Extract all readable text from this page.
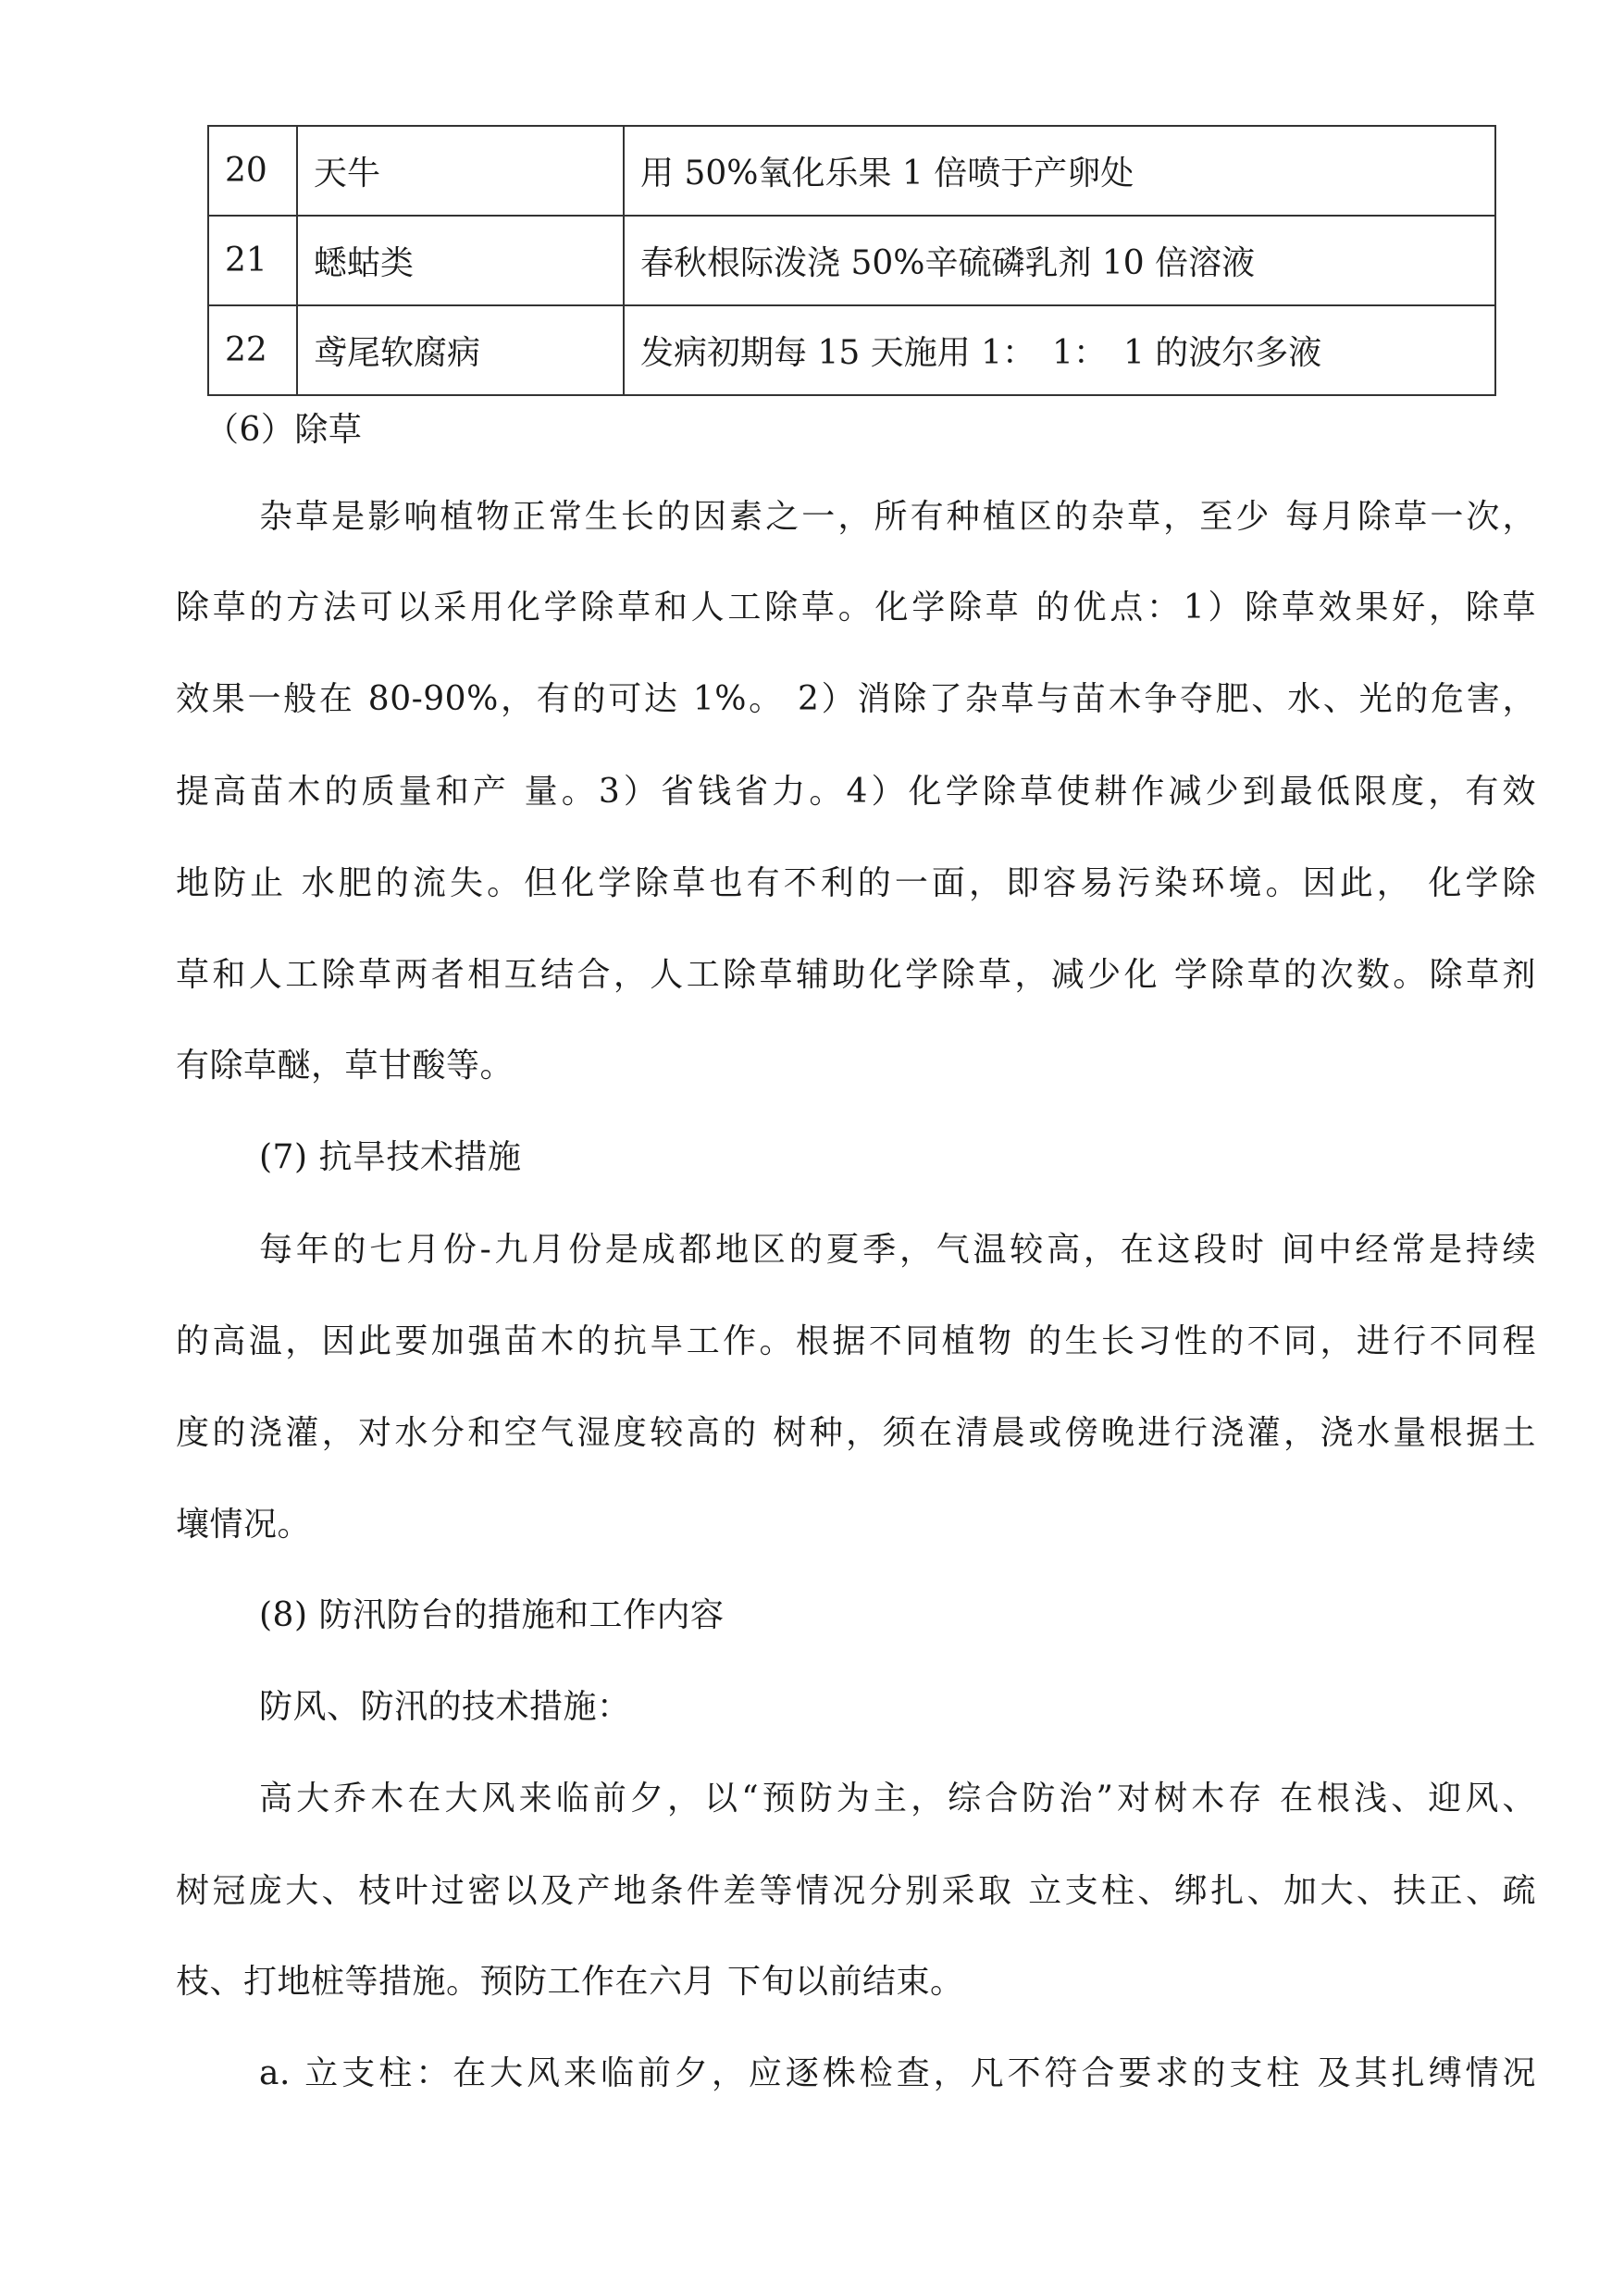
20	天牛	用 50%氧化乐果 1 倍喷于产卵处
21	蟋蛄类	春秋根际泼浇 50%辛硫磷乳剂 10 倍溶液
22	鸢尾软腐病	发病初期每 15 天施用 1：　1：　1 的波尔多液
（6）除草
杂草是影响植物正常生长的因素之一，所有种植区的杂草，至少 每月除草一次，
除草的方法可以采用化学除草和人工除草。化学除草 的优点：1）除草效果好，除草
效果一般在 80-90%，有的可达 1%。 2）消除了杂草与苗木争夺肥、水、光的危害，
提高苗木的质量和产 量。3）省钱省力。4）化学除草使耕作减少到最低限度，有效
地防止 水肥的流失。但化学除草也有不利的一面，即容易污染环境。因此， 化学除
草和人工除草两者相互结合，人工除草辅助化学除草，减少化 学除草的次数。除草剂
有除草醚，草甘酸等。
(7) 抗旱技术措施
每年的七月份-九月份是成都地区的夏季，气温较高，在这段时 间中经常是持续
的高温，因此要加强苗木的抗旱工作。根据不同植物 的生长习性的不同，进行不同程
度的浇灌，对水分和空气湿度较高的 树种，须在清晨或傍晚进行浇灌，浇水量根据土
壤情况。
(8) 防汛防台的措施和工作内容
防风、防汛的技术措施：
高大乔木在大风来临前夕，以“预防为主，综合防治”对树木存 在根浅、迎风、
树冠庞大、枝叶过密以及产地条件差等情况分别采取 立支柱、绑扎、加大、扶正、疏
枝、打地桩等措施。预防工作在六月 下旬以前结束。
a. 立支柱：在大风来临前夕，应逐株检查，凡不符合要求的支柱 及其扎缚情况
